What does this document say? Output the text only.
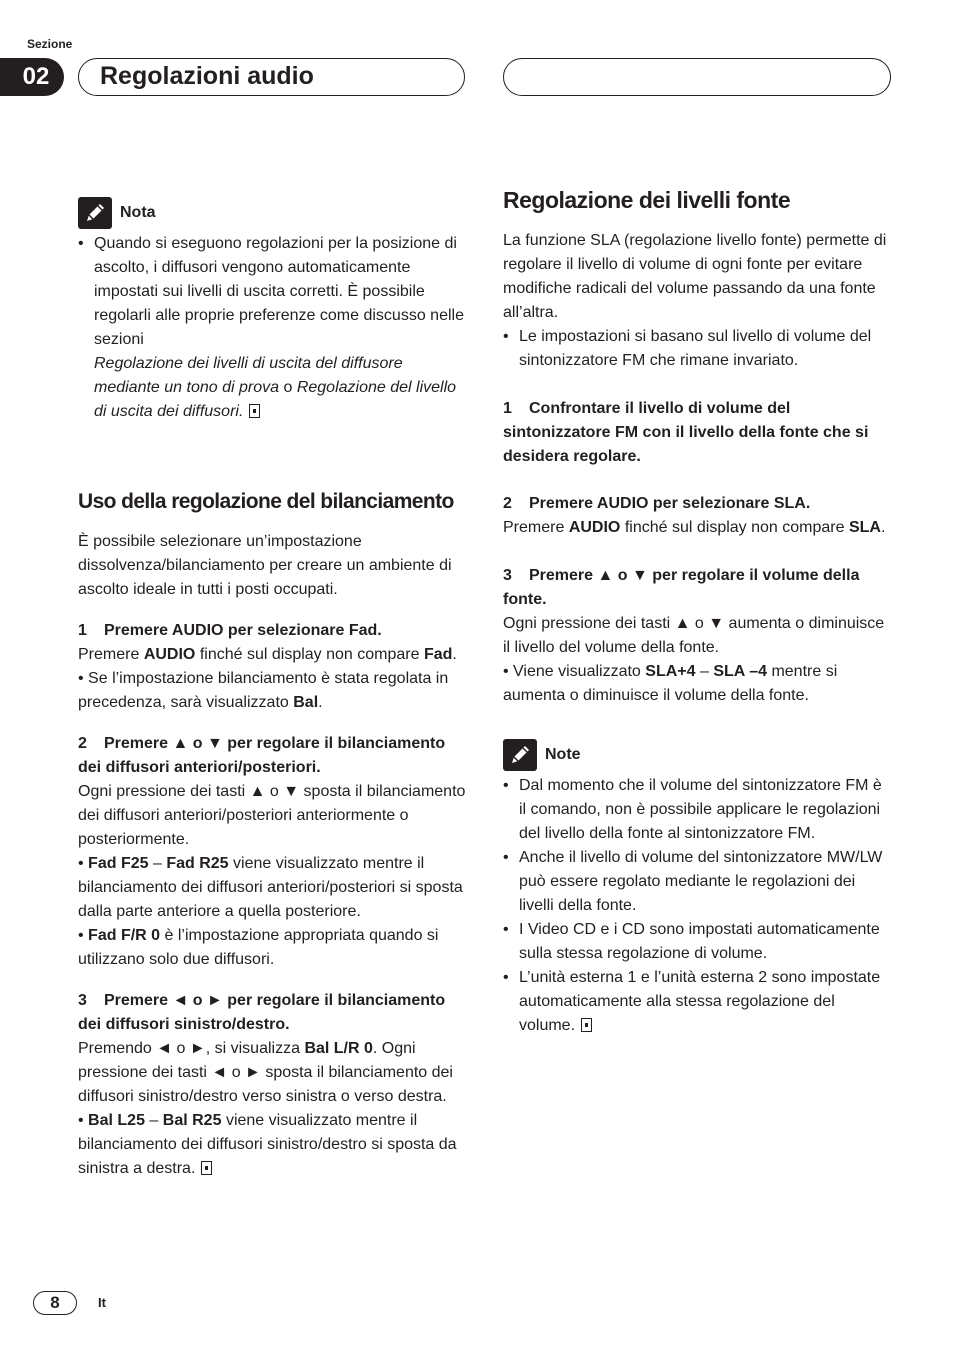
Sezione
02	Regolazioni audio
Nota

• Quando si eseguono regolazioni per la posizione di ascolto, i diffusori vengono automaticamente impostati sui livelli di uscita corretti. È possibile regolarli alle proprie preferenze come discusso nelle sezioni
Regolazione dei livelli di uscita del diffusore mediante un tono di prova o Regolazione del livello di uscita dei diffusori.

Uso della regolazione del bilanciamento

È possibile selezionare un’impostazione dissolvenza/bilanciamento per creare un ambiente di ascolto ideale in tutti i posti occupati.

1 Premere AUDIO per selezionare Fad.

Premere AUDIO finché sul display non compare Fad.

• Se l’impostazione bilanciamento è stata regolata in precedenza, sarà visualizzato Bal.

2 Premere ▲ o ▼ per regolare il bilanciamento dei diffusori anteriori/posteriori.

Ogni pressione dei tasti ▲ o ▼ sposta il bilanciamento dei diffusori anteriori/posteriori anteriormente o posteriormente.

• Fad F25 – Fad R25 viene visualizzato mentre il bilanciamento dei diffusori anteriori/posteriori si sposta dalla parte anteriore a quella posteriore.

• Fad F/R 0 è l’impostazione appropriata quando si utilizzano solo due diffusori.

3 Premere ◄ o ► per regolare il bilanciamento dei diffusori sinistro/destro.

Premendo ◄ o ►, si visualizza Bal L/R 0. Ogni pressione dei tasti ◄ o ► sposta il bilanciamento dei diffusori sinistro/destro verso sinistra o verso destra.

• Bal L25 – Bal R25 viene visualizzato mentre il bilanciamento dei diffusori sinistro/destro si sposta da sinistra a destra.

Regolazione dei livelli fonte

La funzione SLA (regolazione livello fonte) permette di regolare il livello di volume di ogni fonte per evitare modifiche radicali del volume passando da una fonte all’altra.

• Le impostazioni si basano sul livello di volume del sintonizzatore FM che rimane invariato.

1 Confrontare il livello di volume del sintonizzatore FM con il livello della fonte che si desidera regolare.

2 Premere AUDIO per selezionare SLA.

Premere AUDIO finché sul display non compare SLA.

3 Premere ▲ o ▼ per regolare il volume della fonte.

Ogni pressione dei tasti ▲ o ▼ aumenta o diminuisce il livello del volume della fonte.

• Viene visualizzato SLA+4 – SLA –4 mentre si aumenta o diminuisce il volume della fonte.

Note

• Dal momento che il volume del sintonizzatore FM è il comando, non è possibile applicare le regolazioni del livello della fonte al sintonizzatore FM.

• Anche il livello di volume del sintonizzatore MW/LW può essere regolato mediante le regolazioni dei livelli della fonte.

• I Video CD e i CD sono impostati automaticamente sulla stessa regolazione di volume.

• L’unità esterna 1 e l’unità esterna 2 sono impostate automaticamente alla stessa regolazione del volume.

8	It
